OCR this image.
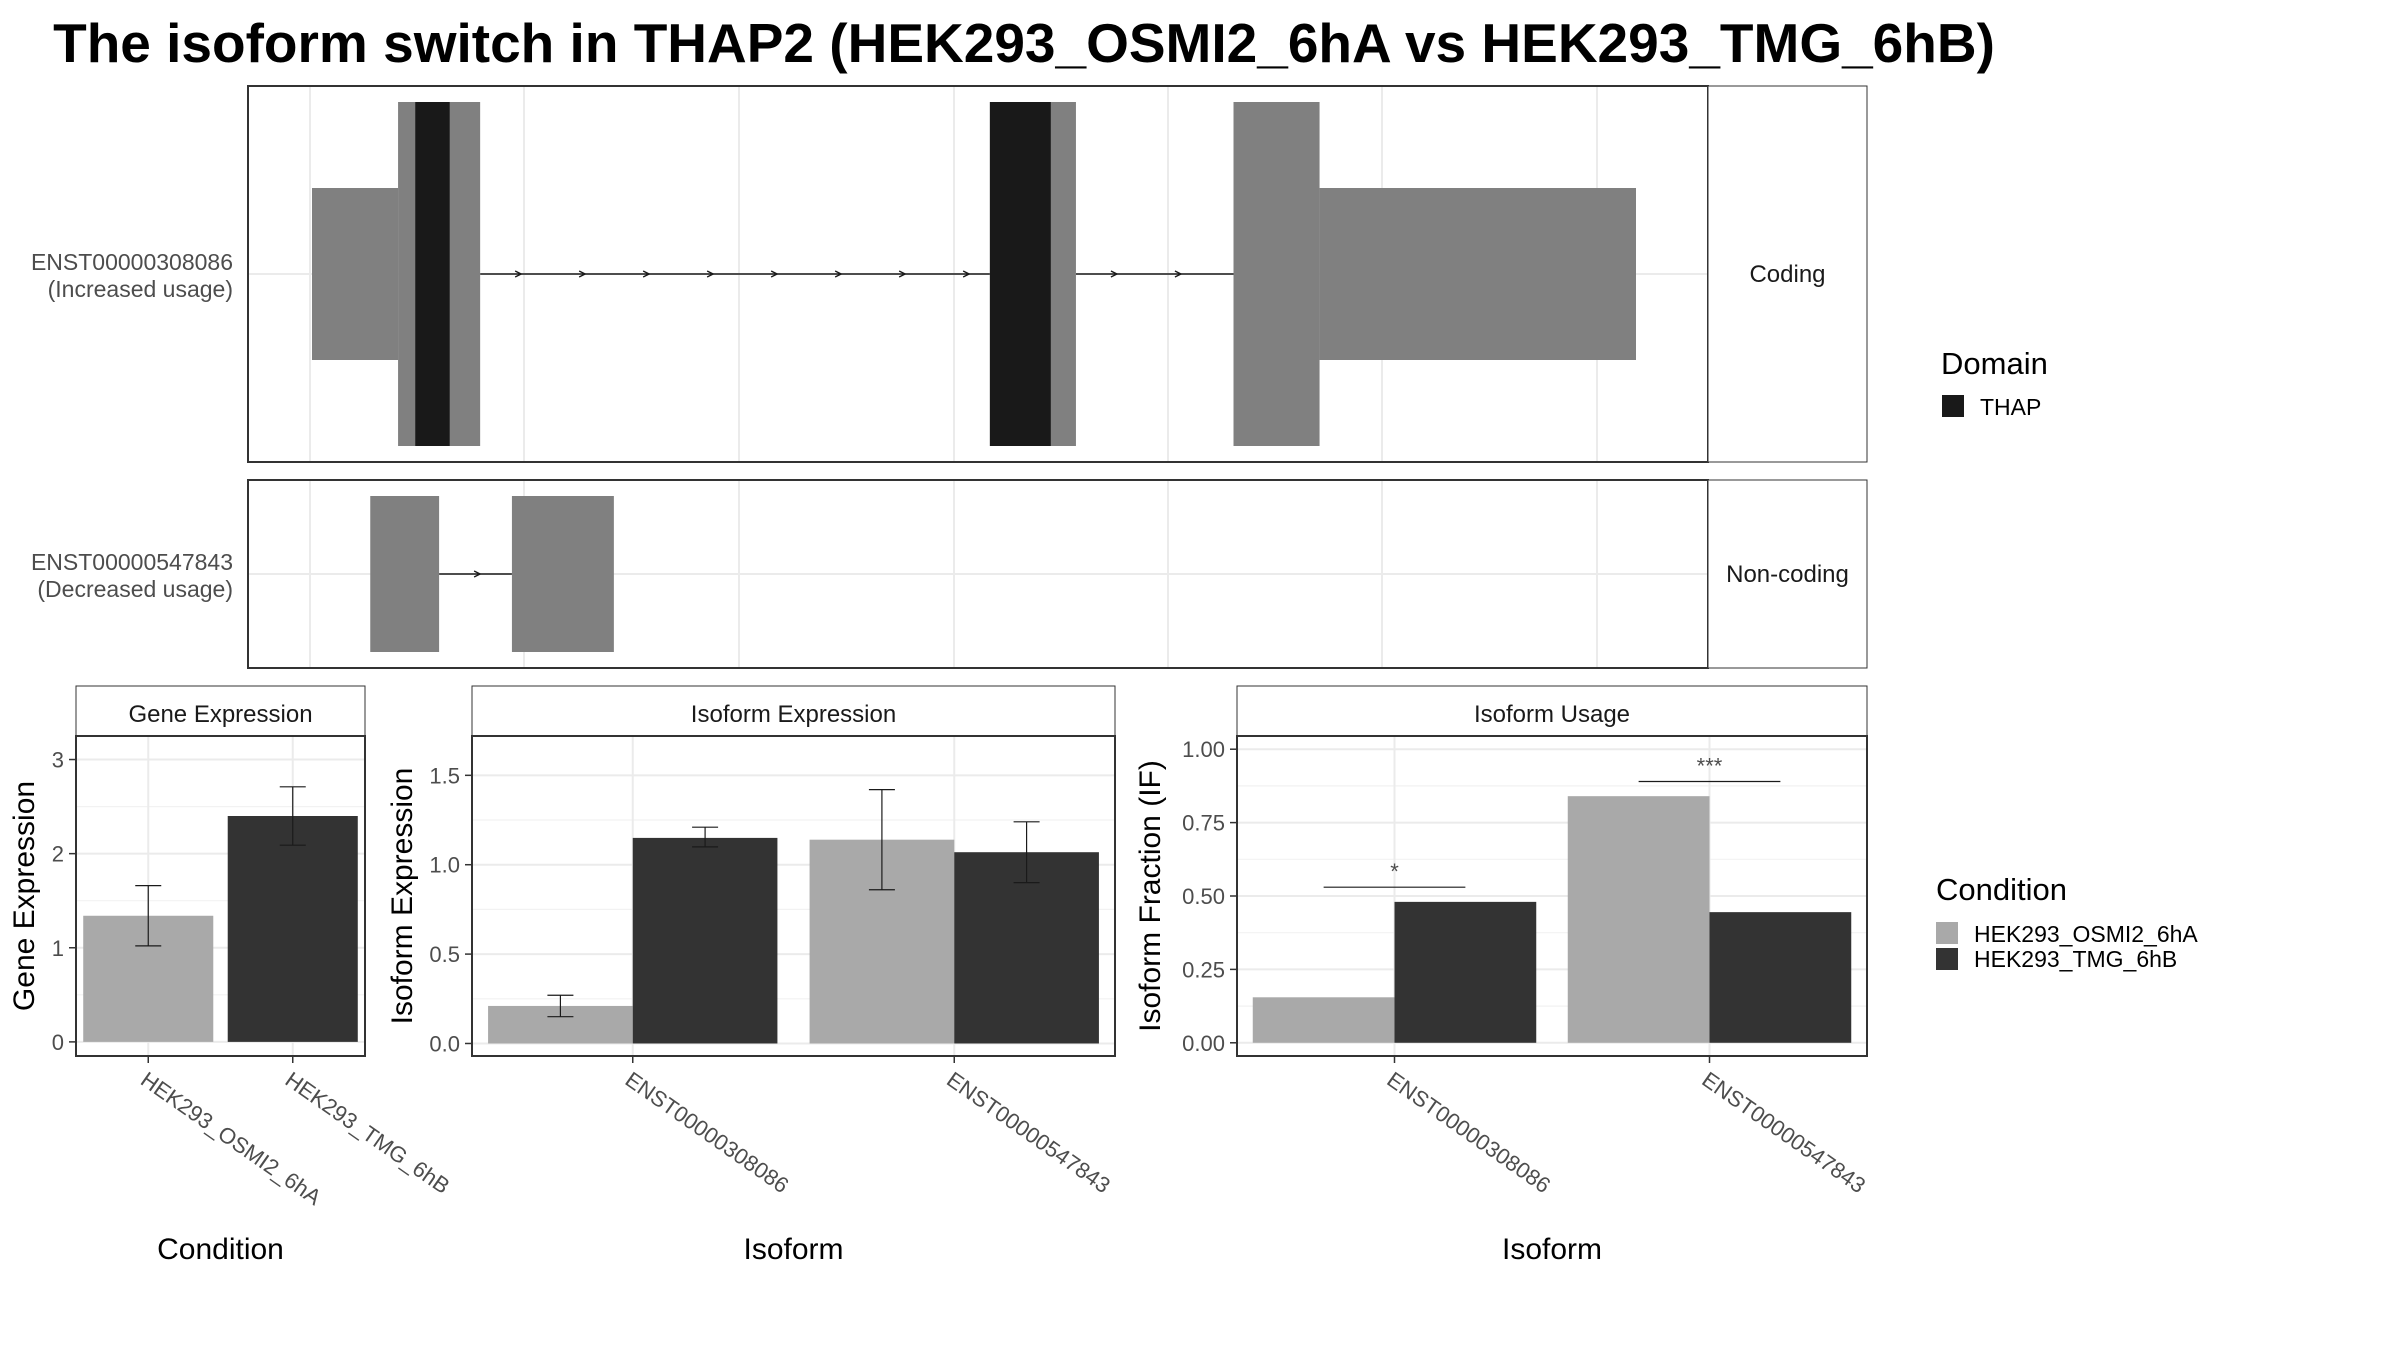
The isoform switch in THAP2 (HEK293_OSMI2_6hA vs HEK293_TMG_6hB)
Coding
ENST00000308086
(Increased usage)
Non-coding
ENST00000547843
(Decreased usage)
Gene Expression
0
1
2
3
HEK293_OSMI2_6hA
HEK293_TMG_6hB
Condition
Gene Expression
Isoform Expression
0.0
0.5
1.0
1.5
ENST00000308086	ENST00000547843
Isoform
Isoform Expression
Isoform Usage
*
***
0.00
0.25
0.50
0.75
1.00
ENST00000308086	ENST00000547843
Isoform
Isoform Fraction (IF)
Domain
THAP
Condition
HEK293_OSMI2_6hA
HEK293_TMG_6hB
